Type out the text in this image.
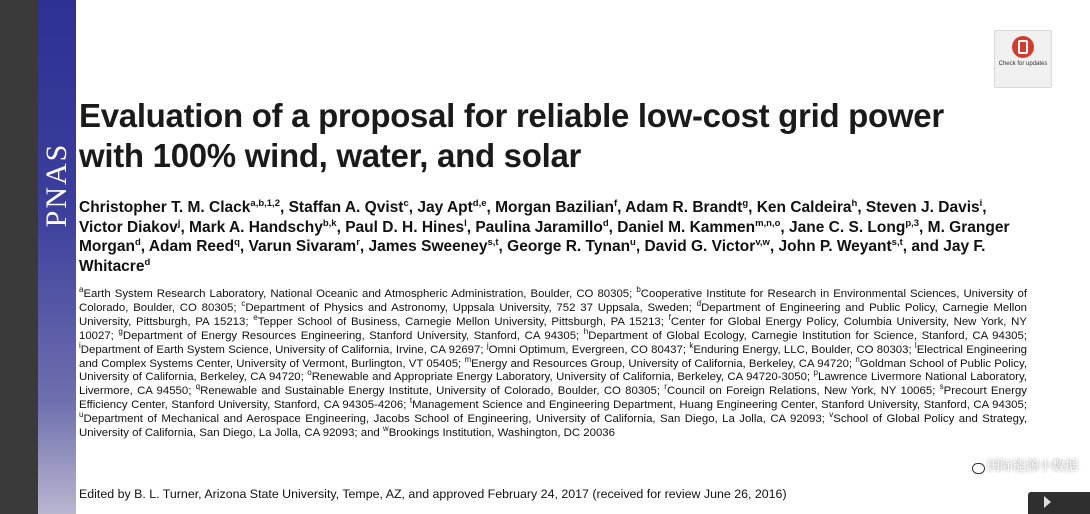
PNAS
Check for updates
Evaluation of a proposal for reliable low-cost grid power with 100% wind, water, and solar
Christopher T. M. Clack$^{a,b,1,2}$, Staffan A. Qvist$^c$, Jay Apt$^{d,e}$, Morgan Bazilian$^f$, Adam R. Brandt$^g$, Ken Caldeira$^h$, Steven J. Davis$^i$, Victor Diakov$^j$, Mark A. Handschy$^{b,k}$, Paul D. H. Hines$^l$, Paulina Jaramillo$^d$, Daniel M. Kammen$^{m,n,o}$, Jane C. S. Long$^{p,3}$, M. Granger Morgan$^d$, Adam Reed$^q$, Varun Sivaram$^r$, James Sweeney$^{s,t}$, George R. Tynan$^u$, David G. Victor$^{v,w}$, John P. Weyant$^{s,t}$, and Jay F. Whitacre$^d$
$^a$Earth System Research Laboratory, National Oceanic and Atmospheric Administration, Boulder, CO 80305; $^b$Cooperative Institute for Research in Environmental Sciences, University of Colorado, Boulder, CO 80305; $^c$Department of Physics and Astronomy, Uppsala University, 752 37 Uppsala, Sweden; $^d$Department of Engineering and Public Policy, Carnegie Mellon University, Pittsburgh, PA 15213; $^e$Tepper School of Business, Carnegie Mellon University, Pittsburgh, PA 15213; $^f$Center for Global Energy Policy, Columbia University, New York, NY 10027; $^g$Department of Energy Resources Engineering, Stanford University, Stanford, CA 94305; $^h$Department of Global Ecology, Carnegie Institution for Science, Stanford, CA 94305; $^i$Department of Earth System Science, University of California, Irvine, CA 92697; $^j$Omni Optimum, Evergreen, CO 80437; $^k$Enduring Energy, LLC, Boulder, CO 80303; $^l$Electrical Engineering and Complex Systems Center, University of Vermont, Burlington, VT 05405; $^m$Energy and Resources Group, University of California, Berkeley, CA 94720; $^n$Goldman School of Public Policy, University of California, Berkeley, CA 94720; $^o$Renewable and Appropriate Energy Laboratory, University of California, Berkeley, CA 94720-3050; $^p$Lawrence Livermore National Laboratory, Livermore, CA 94550; $^q$Renewable and Sustainable Energy Institute, University of Colorado, Boulder, CO 80305; $^r$Council on Foreign Relations, New York, NY 10065; $^s$Precourt Energy Efficiency Center, Stanford University, Stanford, CA 94305-4206; $^t$Management Science and Engineering Department, Huang Engineering Center, Stanford University, Stanford, CA 94305; $^u$Department of Mechanical and Aerospace Engineering, Jacobs School of Engineering, University of California, San Diego, La Jolla, CA 92093; $^v$School of Global Policy and Strategy, University of California, San Diego, La Jolla, CA 92093; and $^w$Brookings Institution, Washington, DC 20036
Edited by B. L. Turner, Arizona State University, Tempe, AZ, and approved February 24, 2017 (received for review June 26, 2016)
国际能源小数据
